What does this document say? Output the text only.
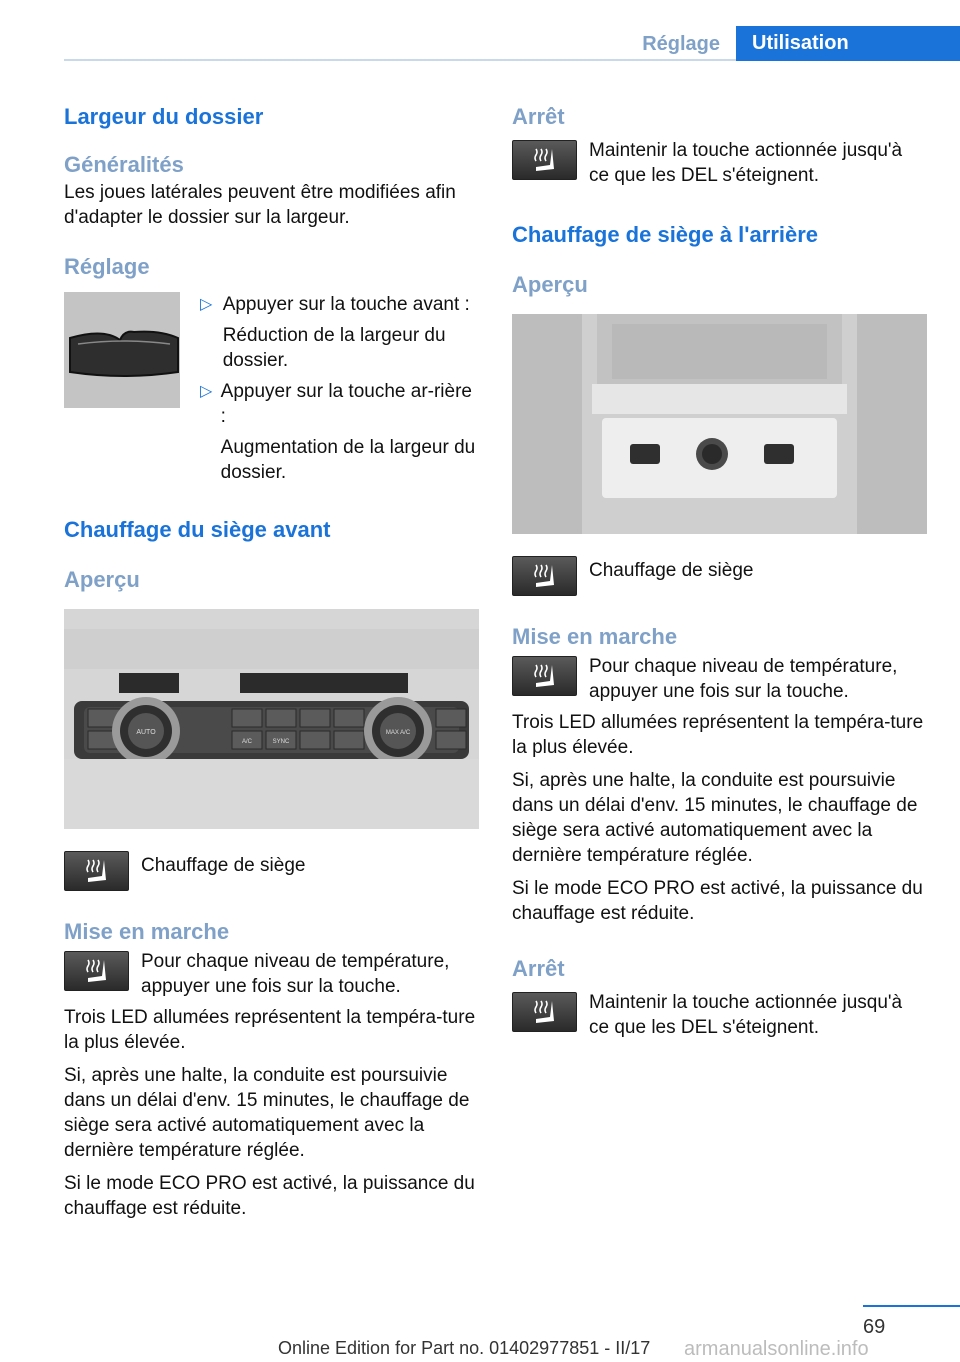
Réglage	Utilisation
Largeur du dossier
Généralités

Les joues latérales peuvent être modifiées afin d'adapter le dossier sur la largeur.

Réglage
▷ Appuyer sur la touche avant :

Réduction de la largeur du dossier.

▷ Appuyer sur la touche ar‐rière :

Augmentation de la largeur du dossier.

Chauffage du siège avant
Aperçu
AUTO
A/C	SYNC
MAX A/C

Chauffage de siège

Mise en marche

Pour chaque niveau de température, appuyer une fois sur la touche.

Trois LED allumées représentent la tempéra‐ture la plus élevée.

Si, après une halte, la conduite est poursuivie dans un délai d'env. 15 minutes, le chauffage de siège sera activé automatiquement avec la dernière température réglée.

Si le mode ECO PRO est activé, la puissance du chauffage est réduite.

Arrêt

Maintenir la touche actionnée jusqu'à ce que les DEL s'éteignent.

Chauffage de siège à l'arrière
Aperçu

Chauffage de siège

Mise en marche

Pour chaque niveau de température, appuyer une fois sur la touche.

Trois LED allumées représentent la tempéra‐ture la plus élevée.

Si, après une halte, la conduite est poursuivie dans un délai d'env. 15 minutes, le chauffage de siège sera activé automatiquement avec la dernière température réglée.

Si le mode ECO PRO est activé, la puissance du chauffage est réduite.

Arrêt

Maintenir la touche actionnée jusqu'à ce que les DEL s'éteignent.

69
Online Edition for Part no. 01402977851 - II/17 armanualsonline.info
